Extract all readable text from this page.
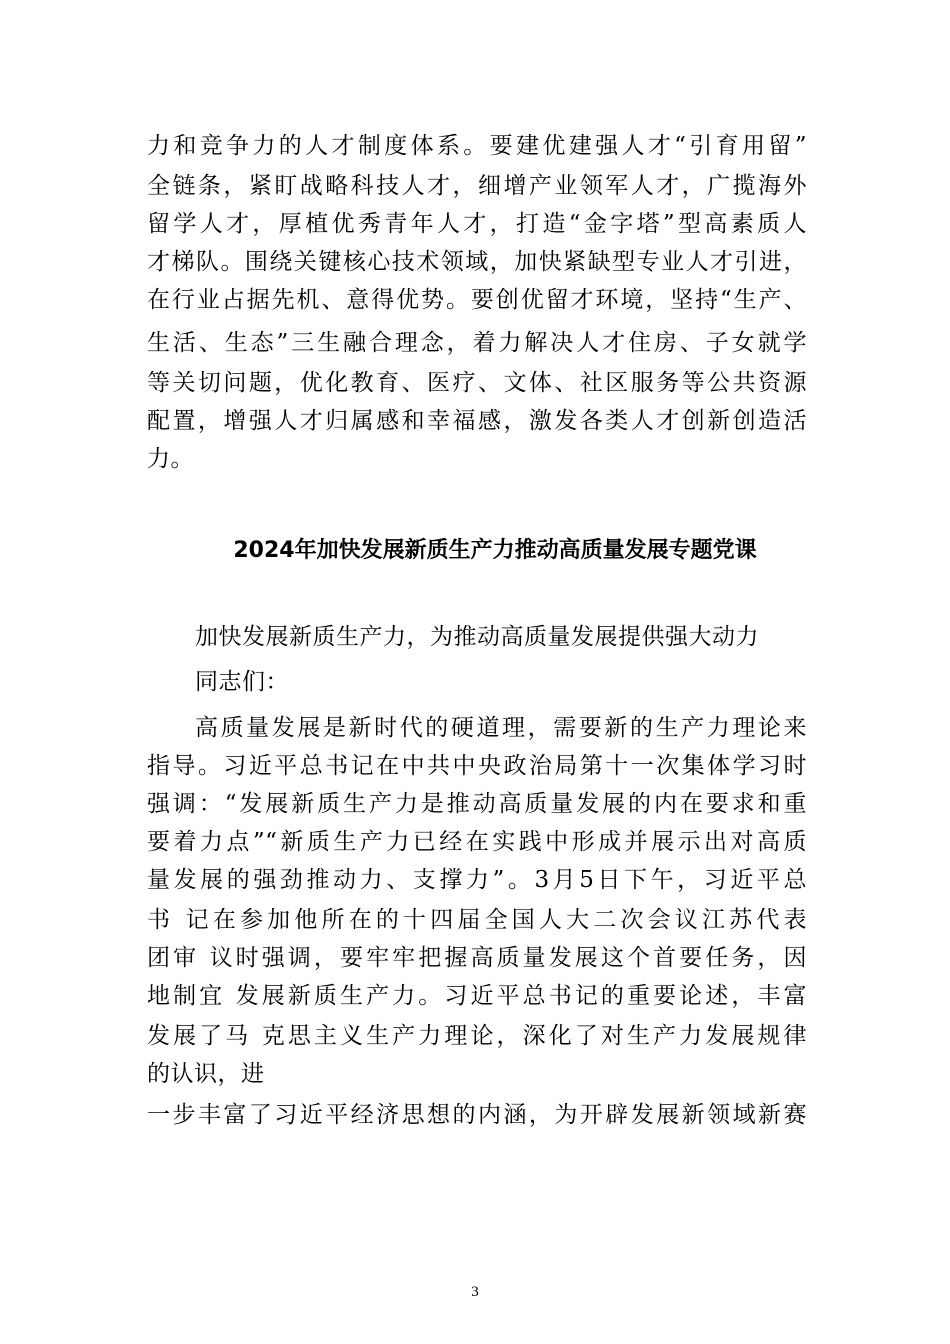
力和竞争力的人才制度体系。要建优建强人才“引育用留”
全链条，紧盯战略科技人才，细增产业领军人才，广揽海外
留学人才，厚植优秀青年人才，打造“金字塔”型高素质人
才梯队。围绕关键核心技术领域，加快紧缺型专业人才引进，
在行业占据先机、意得优势。要创优留才环境，坚持“生产、
生活、生态”三生融合理念，着力解决人才住房、子女就学
等关切问题，优化教育、医疗、文体、社区服务等公共资源
配置，增强人才归属感和幸福感，激发各类人才创新创造活
力。
2024年加快发展新质生产力推动高质量发展专题党课
加快发展新质生产力，为推动高质量发展提供强大动力
同志们：
高质量发展是新时代的硬道理，需要新的生产力理论来
指导。习近平总书记在中共中央政治局第十一次集体学习时
强调：“发展新质生产力是推动高质量发展的内在要求和重
要着力点”“新质生产力已经在实践中形成并展示出对高质
量发展的强劲推动力、支撑力”。3月5日下午，习近平总
书 记在参加他所在的十四届全国人大二次会议江苏代表
团审 议时强调，要牢牢把握高质量发展这个首要任务，因
地制宜 发展新质生产力。习近平总书记的重要论述，丰富
发展了马 克思主义生产力理论，深化了对生产力发展规律
的认识，进
一步丰富了习近平经济思想的内涵，为开辟发展新领域新赛
3
